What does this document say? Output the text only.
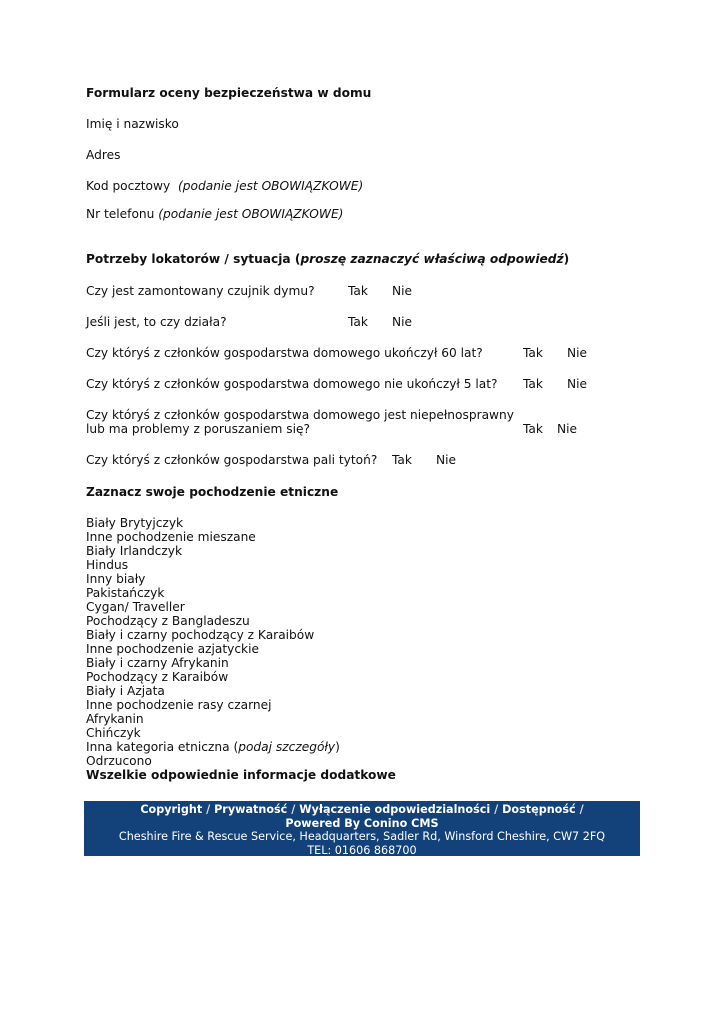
Formularz oceny bezpieczeństwa w domu
Imię i nazwisko
Adres
Kod pocztowy (podanie jest OBOWIĄZKOWE)
Nr telefonu (podanie jest OBOWIĄZKOWE)
Potrzeby lokatorów / sytuacja (proszę zaznaczyć właściwą odpowiedź)
Czy jest zamontowany czujnik dymu?	Tak Nie
Jeśli jest, to czy działa?	Tak Nie
Czy któryś z członków gospodarstwa domowego ukończył 60 lat?	Tak Nie
Czy któryś z członków gospodarstwa domowego nie ukończył 5 lat? Tak Nie
Czy któryś z członków gospodarstwa domowego jest niepełnosprawny
lub ma problemy z poruszaniem się?	Tak Nie
Czy któryś z członków gospodarstwa pali tytoń? Tak Nie
Zaznacz swoje pochodzenie etniczne
Biały Brytyjczyk
Inne pochodzenie mieszane
Biały Irlandczyk
Hindus
Inny biały
Pakistańczyk
Cygan/ Traveller
Pochodzący z Bangladeszu
Biały i czarny pochodzący z Karaibów
Inne pochodzenie azjatyckie
Biały i czarny Afrykanin
Pochodzący z Karaibów
Biały i Azjata
Inne pochodzenie rasy czarnej
Afrykanin
Chińczyk
Inna kategoria etniczna (podaj szczegóły)
Odrzucono
Wszelkie odpowiednie informacje dodatkowe
Copyright / Prywatność / Wyłączenie odpowiedzialności / Dostępność /
Powered By Conino CMS
Cheshire Fire & Rescue Service, Headquarters, Sadler Rd, Winsford Cheshire, CW7 2FQ
TEL: 01606 868700
